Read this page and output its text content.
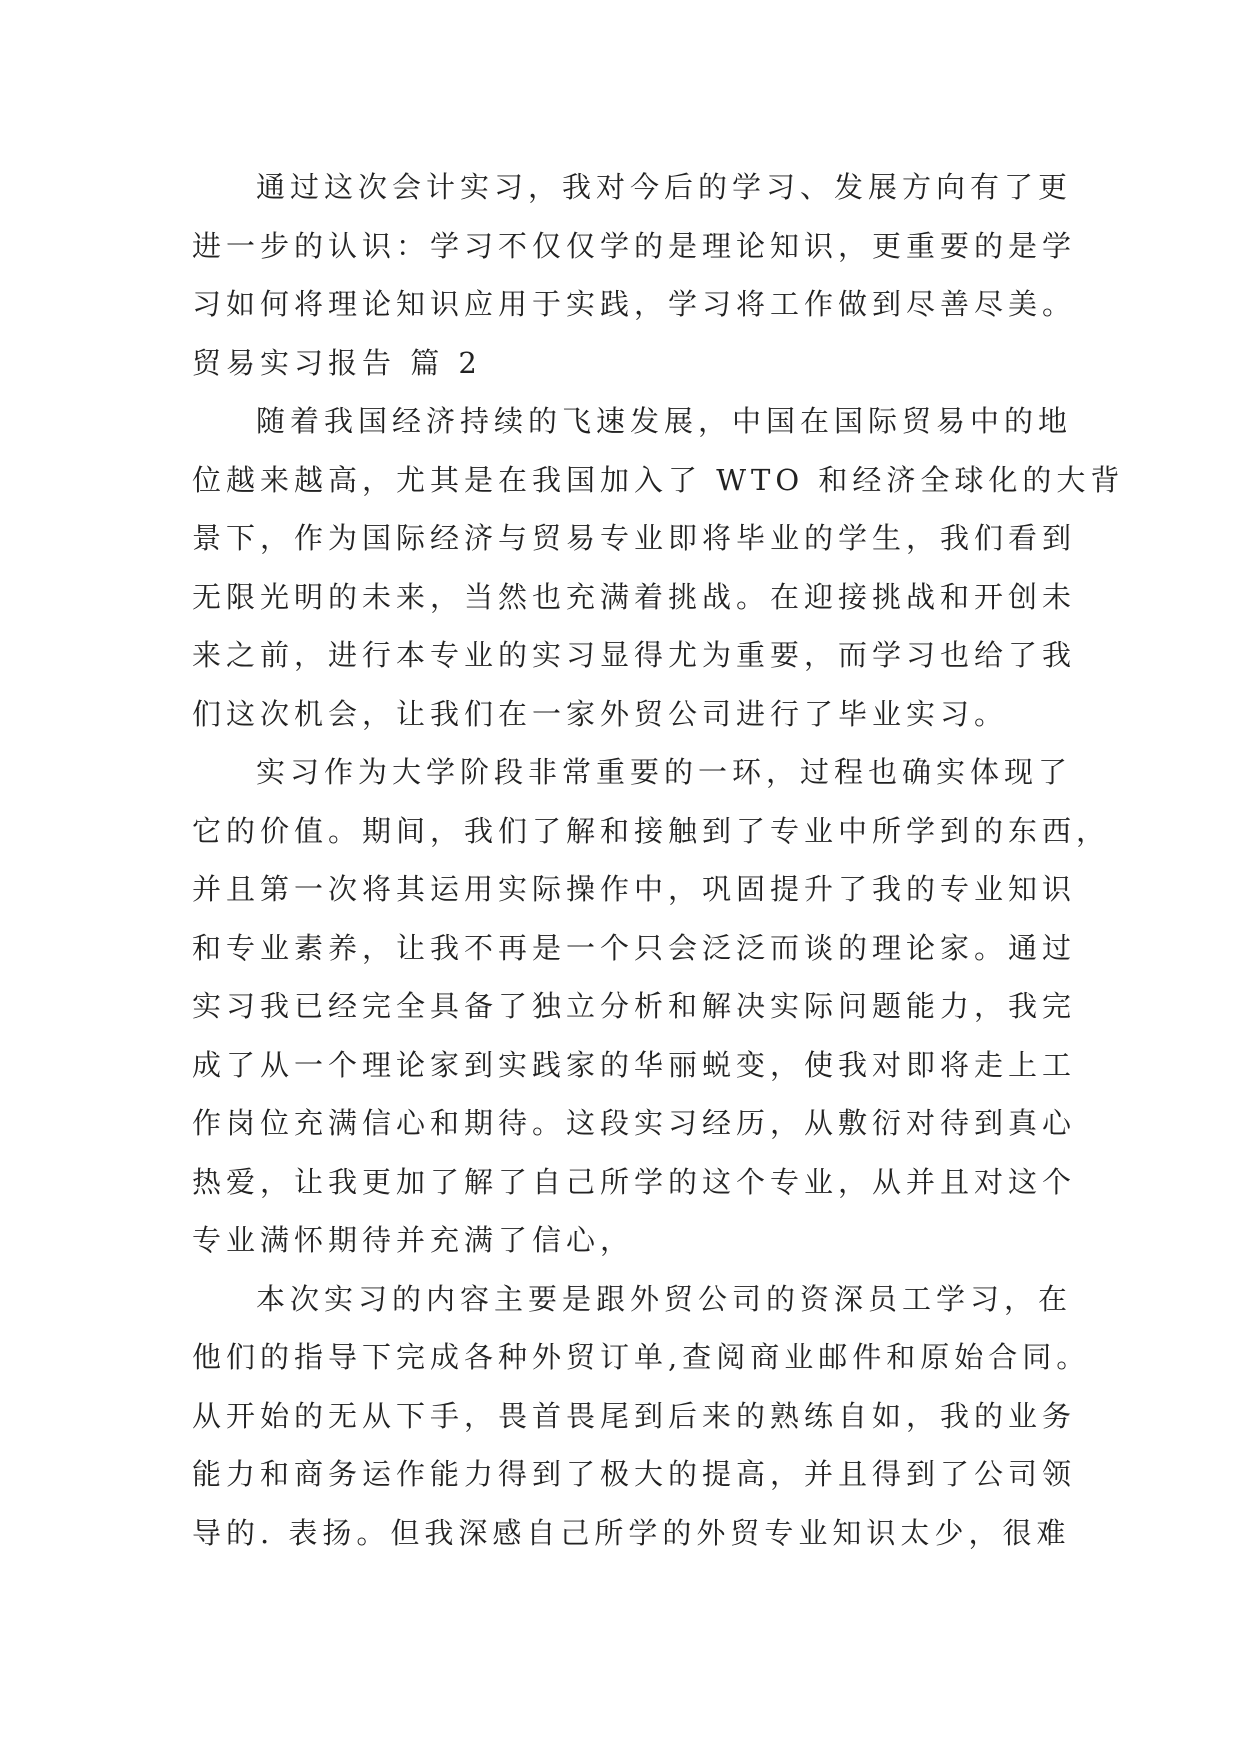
通过这次会计实习，我对今后的学习、发展方向有了更
进一步的认识：学习不仅仅学的是理论知识，更重要的是学
习如何将理论知识应用于实践，学习将工作做到尽善尽美。
贸易实习报告 篇 2
随着我国经济持续的飞速发展，中国在国际贸易中的地
位越来越高，尤其是在我国加入了 WTO 和经济全球化的大背
景下，作为国际经济与贸易专业即将毕业的学生，我们看到
无限光明的未来，当然也充满着挑战。在迎接挑战和开创未
来之前，进行本专业的实习显得尤为重要，而学习也给了我
们这次机会，让我们在一家外贸公司进行了毕业实习。
实习作为大学阶段非常重要的一环，过程也确实体现了
它的价值。期间，我们了解和接触到了专业中所学到的东西，
并且第一次将其运用实际操作中，巩固提升了我的专业知识
和专业素养，让我不再是一个只会泛泛而谈的理论家。通过
实习我已经完全具备了独立分析和解决实际问题能力，我完
成了从一个理论家到实践家的华丽蜕变，使我对即将走上工
作岗位充满信心和期待。这段实习经历，从敷衍对待到真心
热爱，让我更加了解了自己所学的这个专业，从并且对这个
专业满怀期待并充满了信心，
本次实习的内容主要是跟外贸公司的资深员工学习，在
他们的指导下完成各种外贸订单,查阅商业邮件和原始合同。
从开始的无从下手，畏首畏尾到后来的熟练自如，我的业务
能力和商务运作能力得到了极大的提高，并且得到了公司领
导的. 表扬。但我深感自己所学的外贸专业知识太少，很难
